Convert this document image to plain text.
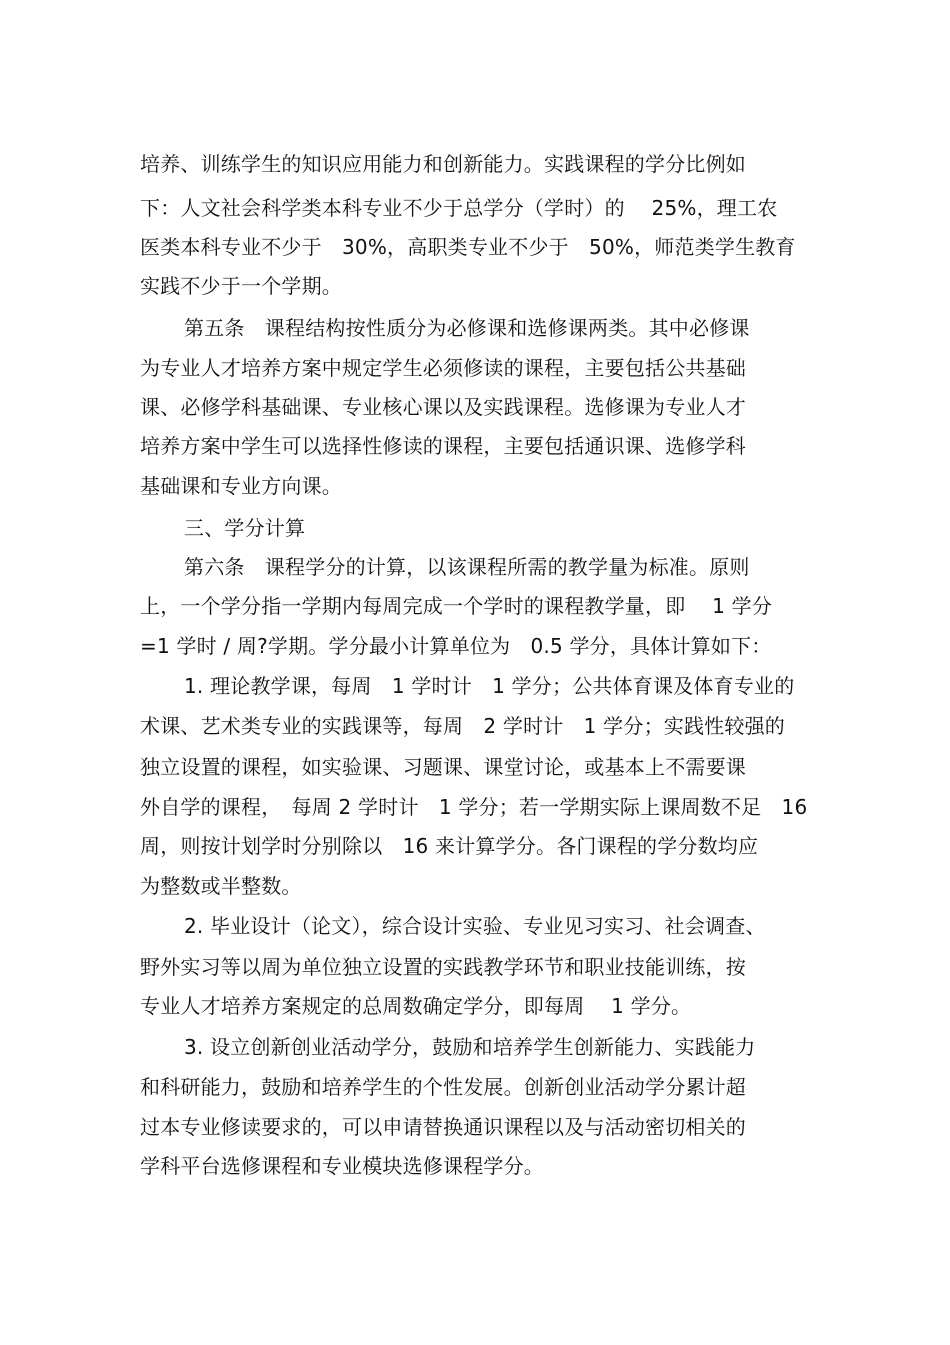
培养、训练学生的知识应用能力和创新能力。实践课程的学分比例如
下：人文社会科学类本科专业不少于总学分（学时）的　 25%，理工农
医类本科专业不少于　30%，高职类专业不少于　50%，师范类学生教育
实践不少于一个学期。
第五条　课程结构按性质分为必修课和选修课两类。其中必修课
为专业人才培养方案中规定学生必须修读的课程，主要包括公共基础
课、必修学科基础课、专业核心课以及实践课程。选修课为专业人才
培养方案中学生可以选择性修读的课程，主要包括通识课、选修学科
基础课和专业方向课。
三、学分计算
第六条　课程学分的计算，以该课程所需的教学量为标准。原则
上，一个学分指一学期内每周完成一个学时的课程教学量，即　 1 学分
=1 学时 / 周?学期。学分最小计算单位为　0.5 学分，具体计算如下：
1. 理论教学课，每周　1 学时计　1 学分；公共体育课及体育专业的
术课、艺术类专业的实践课等，每周　2 学时计　1 学分；实践性较强的
独立设置的课程，如实验课、习题课、课堂讨论，或基本上不需要课
外自学的课程，　每周 2 学时计　1 学分；若一学期实际上课周数不足　16
周，则按计划学时分别除以　16 来计算学分。各门课程的学分数均应
为整数或半整数。
2. 毕业设计（论文），综合设计实验、专业见习实习、社会调查、
野外实习等以周为单位独立设置的实践教学环节和职业技能训练，按
专业人才培养方案规定的总周数确定学分，即每周　 1 学分。
3. 设立创新创业活动学分，鼓励和培养学生创新能力、实践能力
和科研能力，鼓励和培养学生的个性发展。创新创业活动学分累计超
过本专业修读要求的，可以申请替换通识课程以及与活动密切相关的
学科平台选修课程和专业模块选修课程学分。
